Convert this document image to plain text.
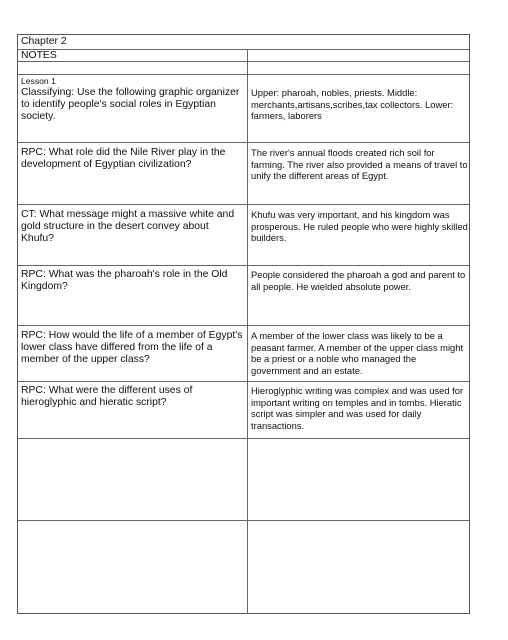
Chapter 2
NOTES
Lesson 1
Classifying: Use the following graphic organizer to identify people's social roles in Egyptian society.
Upper: pharoah, nobles, priests. Middle: merchants,artisans,scribes,tax collectors. Lower: farmers, laborers
RPC: What role did the Nile River play in the development of Egyptian civilization?
The river's annual floods created rich soil for farming. The river also provided a means of travel to unify the different areas of Egypt.
CT: What message might a massive white and gold structure in the desert convey about Khufu?
Khufu was very important, and his kingdom was prosperous. He ruled people who were highly skilled builders.
RPC: What was the pharoah's role in the Old Kingdom?
People considered the pharoah a god and parent to all people. He wielded absolute power.
RPC: How would the life of a member of Egypt's lower class have differed from the life of a member of the upper class?
A member of the lower class was likely to be a peasant farmer. A member of the upper class might be a priest or a noble who managed the government and an estate.
RPC: What were the different uses of hieroglyphic and hieratic script?
Hieroglyphic writing was complex and was used for important writing on temples and in tombs. Hieratic script was simpler and was used for daily transactions.
